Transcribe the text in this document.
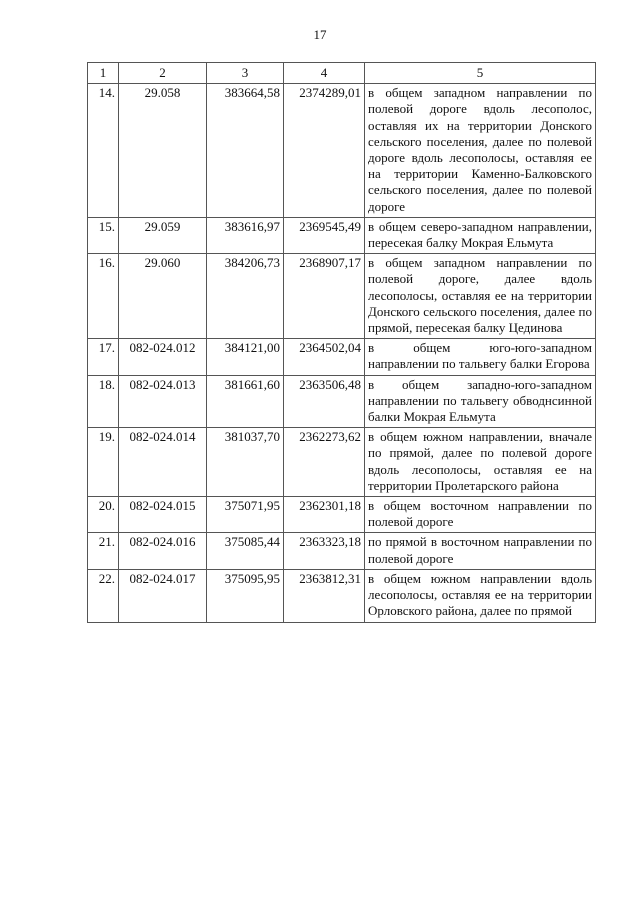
17
1	2	3	4	5
14.	29.058	383664,58	2374289,01	в общем западном направлении по полевой дороге вдоль лесополос, оставляя их на территории Донского сельского поселения, далее по полевой дороге вдоль лесополосы, оставляя ее на территории Каменно-Балковского сельского поселения, далее по полевой дороге
15.	29.059	383616,97	2369545,49	в общем северо-западном направлении, пересекая балку Мокрая Ельмута
16.	29.060	384206,73	2368907,17	в общем западном направлении по полевой дороге, далее вдоль лесополосы, оставляя ее на территории Донского сельского поселения, далее по прямой, пересекая балку Цединова
17.	082-024.012	384121,00	2364502,04	в общем юго-юго-западном направлении по тальвегу балки Егорова
18.	082-024.013	381661,60	2363506,48	в общем западно-юго-западном направлении по тальвегу обводнсинной балки Мокрая Ельмута
19.	082-024.014	381037,70	2362273,62	в общем южном направлении, вначале по прямой, далее по полевой дороге вдоль лесополосы, оставляя ее на территории Пролетарского района
20.	082-024.015	375071,95	2362301,18	в общем восточном направлении по полевой дороге
21.	082-024.016	375085,44	2363323,18	по прямой в восточном направлении по полевой дороге
22.	082-024.017	375095,95	2363812,31	в общем южном направлении вдоль лесополосы, оставляя ее на территории Орловского района, далее по прямой
